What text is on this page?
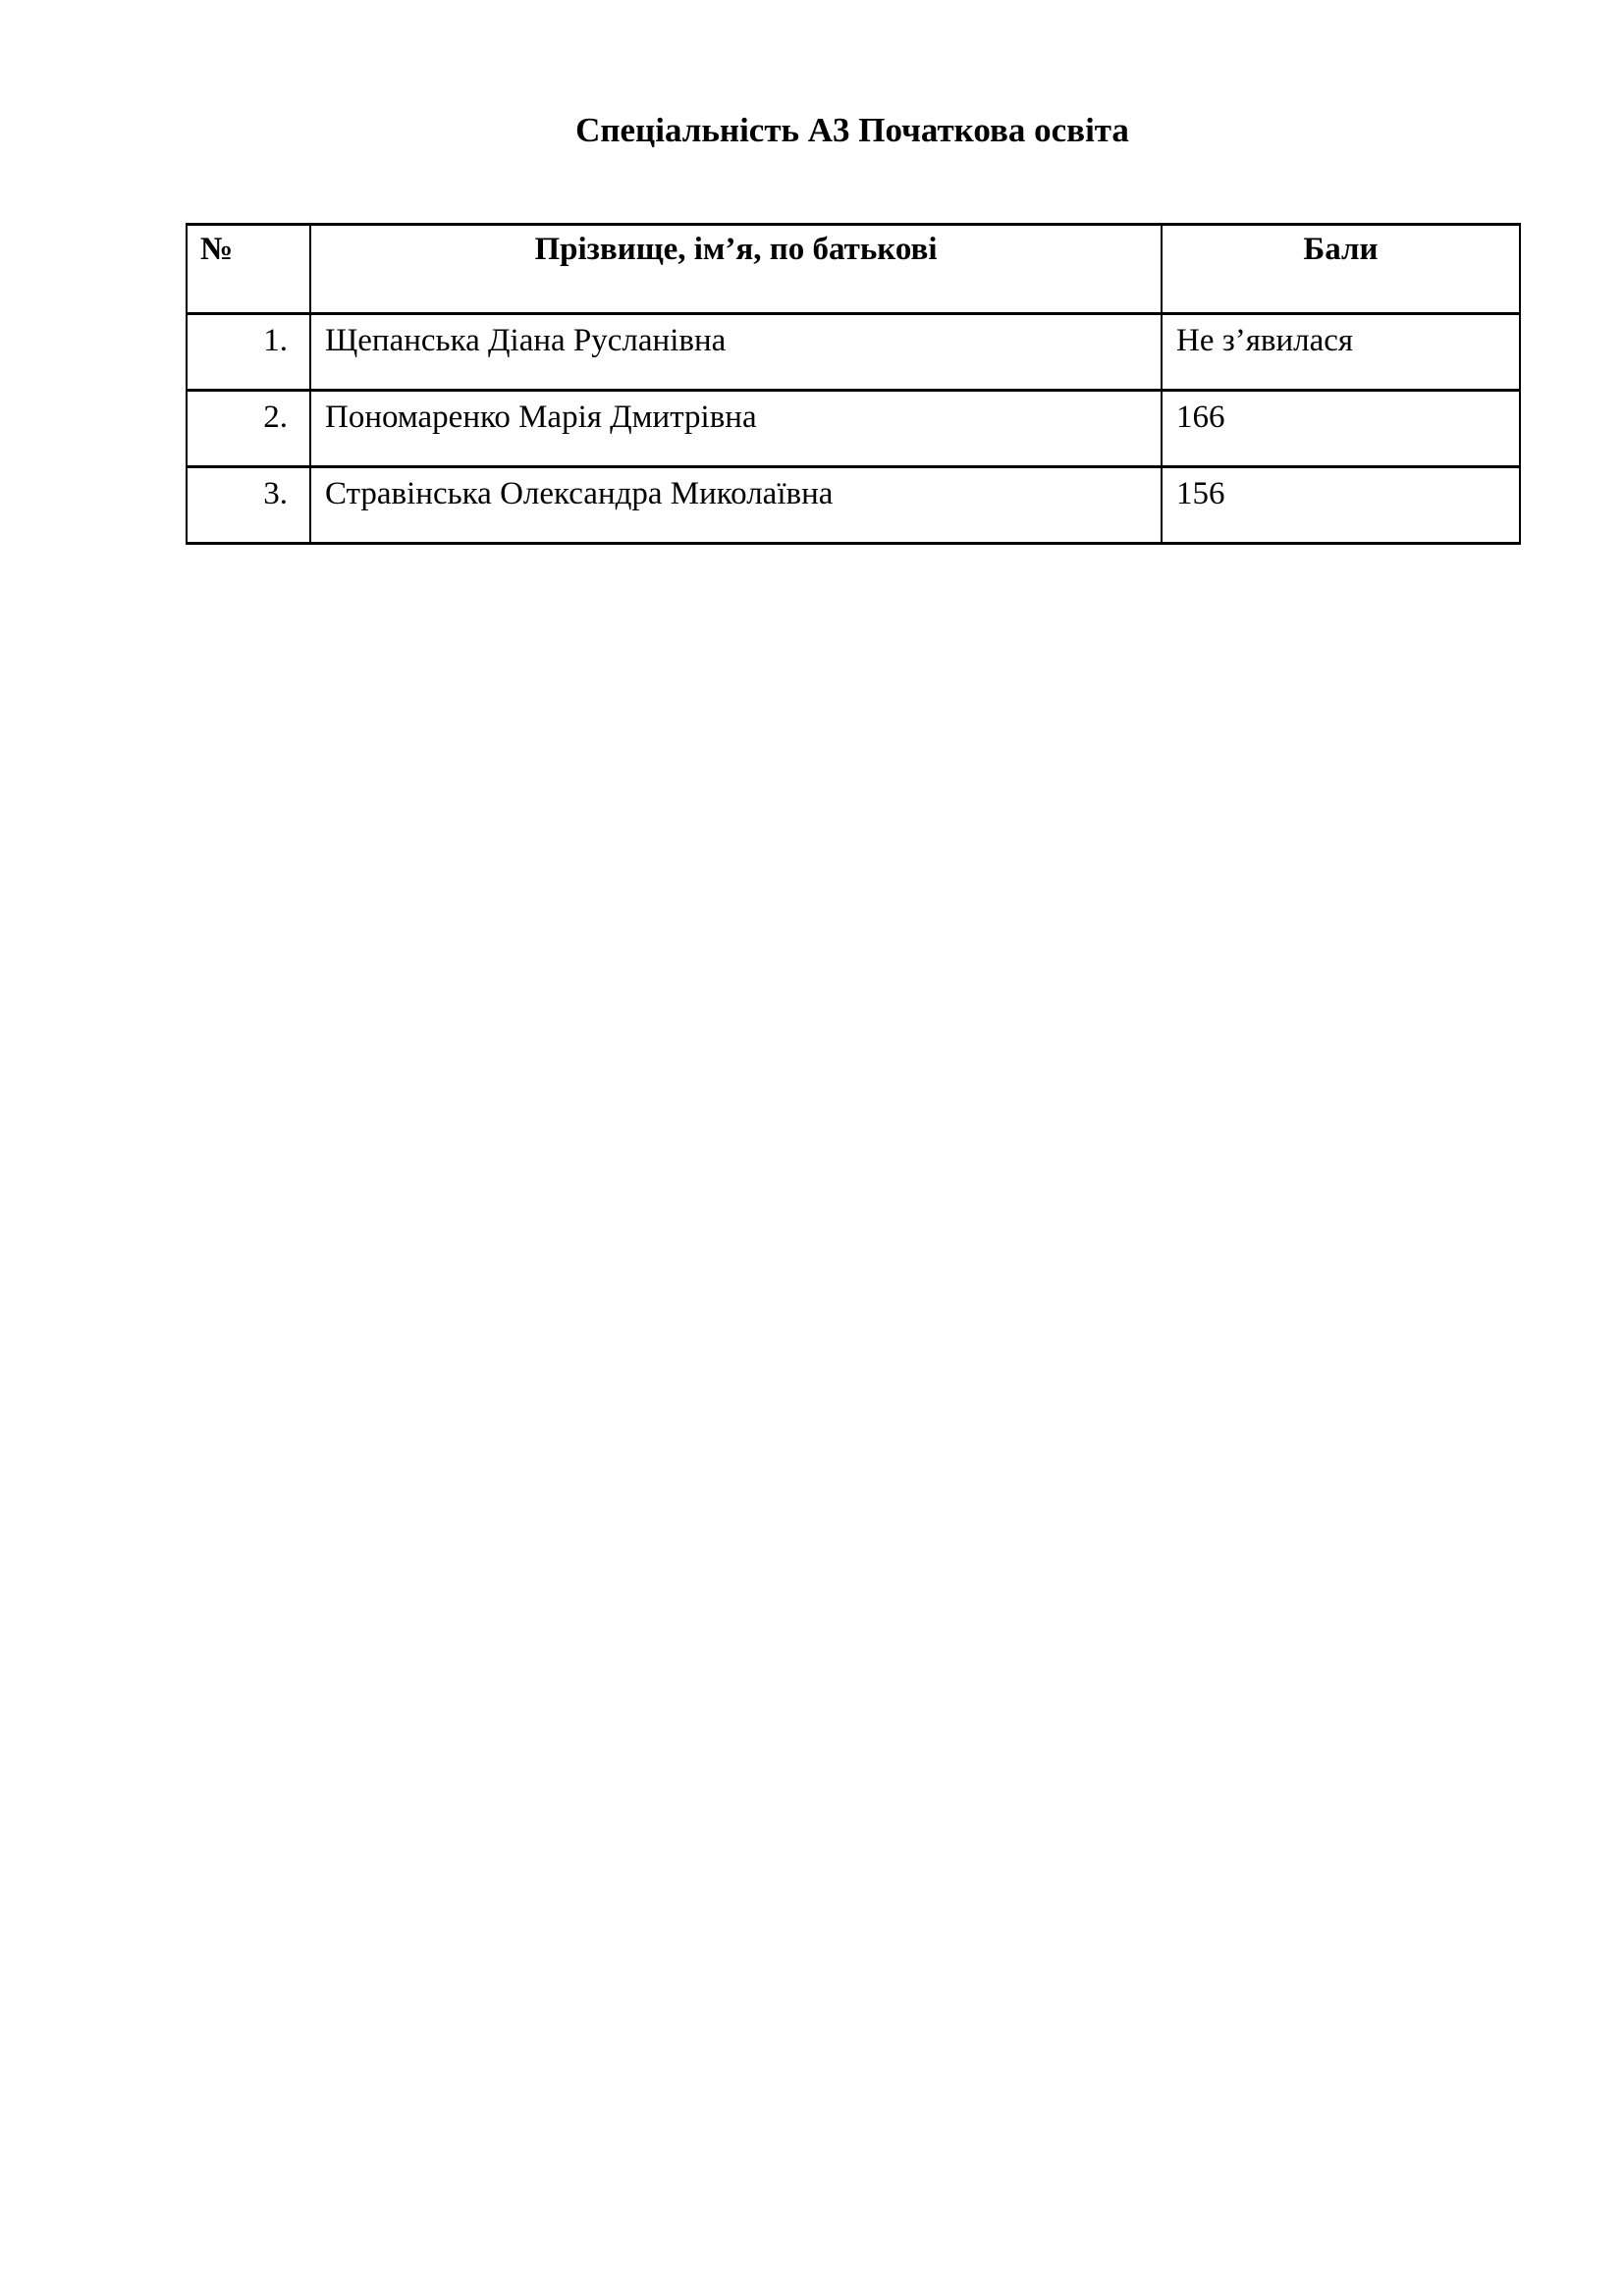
Спеціальність А3 Початкова освіта
№	Прізвище, ім’я, по батькові	Бали
1.	Щепанська Діана Русланівна	Не з’явилася
2.	Пономаренко Марія Дмитрівна	166
3.	Стравінська Олександра Миколаївна	156
